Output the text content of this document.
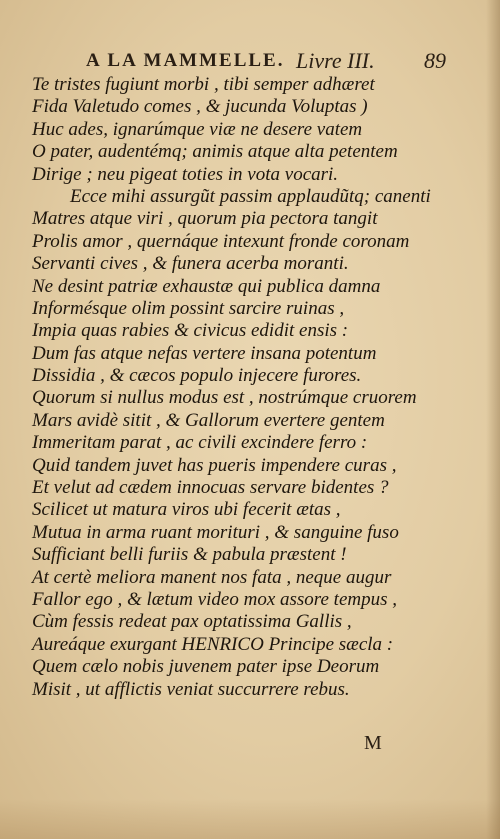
A LA MAMMELLE. Livre III. 89
Te tristes fugiunt morbi , tibi semper adhæret
Fida Valetudo comes , & jucunda Voluptas )
Huc ades, ignarúmque viæ ne desere vatem
O pater, audentémq; animis atque alta petentem
Dirige ; neu pigeat toties in vota vocari.
Ecce mihi assurgũt passim applaudũtq; canenti
Matres atque viri , quorum pia pectora tangit
Prolis amor , quernáque intexunt fronde coronam
Servanti cives , & funera acerba moranti.
Ne desint patriæ exhaustæ qui publica damna
Informésque olim possint sarcire ruinas ,
Impia quas rabies & civicus edidit ensis :
Dum fas atque nefas vertere insana potentum
Dissidia , & cæcos populo injecere furores.
Quorum si nullus modus est , nostrúmque cruorem
Mars avidè sitit , & Gallorum evertere gentem
Immeritam parat , ac civili excindere ferro :
Quid tandem juvet has pueris impendere curas ,
Et velut ad cædem innocuas servare bidentes ?
Scilicet ut matura viros ubi fecerit ætas ,
Mutua in arma ruant morituri , & sanguine fuso
Sufficiant belli furiis & pabula præstent !
At certè meliora manent nos fata , neque augur
Fallor ego , & lætum video mox assore tempus ,
Cùm fessis redeat pax optatissima Gallis ,
Aureáque exurgant HENRICO Principe sæcla :
Quem cælo nobis juvenem pater ipse Deorum
Misit , ut afflictis veniat succurrere rebus.
M
